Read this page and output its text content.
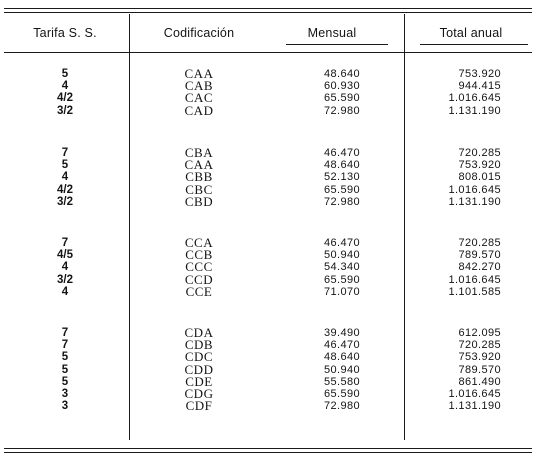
Tarifa S. S.	Codificación	Mensual	Total anual
5	CAA	48.640	753.920
4	CAB	60.930	944.415
4/2	CAC	65.590	1.016.645
3/2	CAD	72.980	1.131.190
7	CBA	46.470	720.285
5	CAA	48.640	753.920
4	CBB	52.130	808.015
4/2	CBC	65.590	1.016.645
3/2	CBD	72.980	1.131.190
7	CCA	46.470	720.285
4/5	CCB	50.940	789.570
4	CCC	54.340	842.270
3/2	CCD	65.590	1.016.645
4	CCE	71.070	1.101.585
7	CDA	39.490	612.095
7	CDB	46.470	720.285
5	CDC	48.640	753.920
5	CDD	50.940	789.570
5	CDE	55.580	861.490
3	CDG	65.590	1.016.645
3	CDF	72.980	1.131.190
